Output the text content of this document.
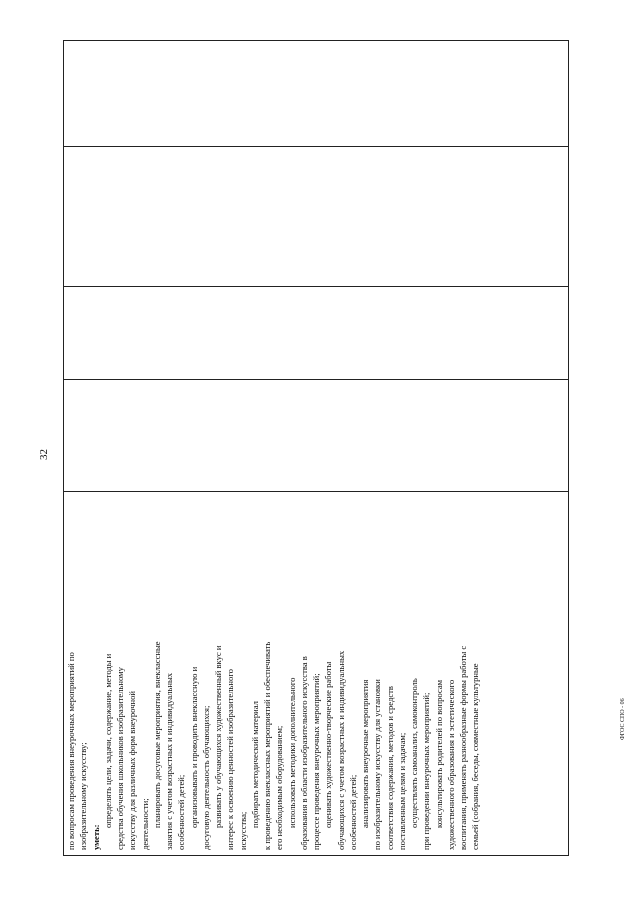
32

по вопросам проведения внеурочных мероприятий по изобразительному искусству; уметь:

определять цели, задачи, содержание, методы и средства обучения школьников изобразительному искусству для различных форм внеурочной деятельности; планировать досуговые мероприятия, внеклассные занятия с учетом возрастных и индивидуальных особенностей детей; организовывать и проводить внеклассную и досуговую деятельность обучающихся; развивать у обучающихся художественный вкус и интерес к освоению ценностей изобразительного искусства;

подбирать методический материал к проведению внеклассных мероприятий и обеспечивать его необходимым оборудованием; использовать методики дополнительного образования в области изобразительного искусства в процессе проведения внеурочных мероприятий; оценивать художественно-творческие работы обучающихся с учетом возрастных и индивидуальных особенностей детей; анализировать внеурочные мероприятия по изобразительному искусству для установки соответствия содержания, методов и средств поставленным целям и задачам; осуществлять самоанализ, самоконтроль при проведении внеурочных мероприятий; консультировать родителей по вопросам художественного образования и эстетического воспитания, применять разнообразные формы работы с семьей (собрания, беседы, совместные культурные	ФГОС СПО - 06
